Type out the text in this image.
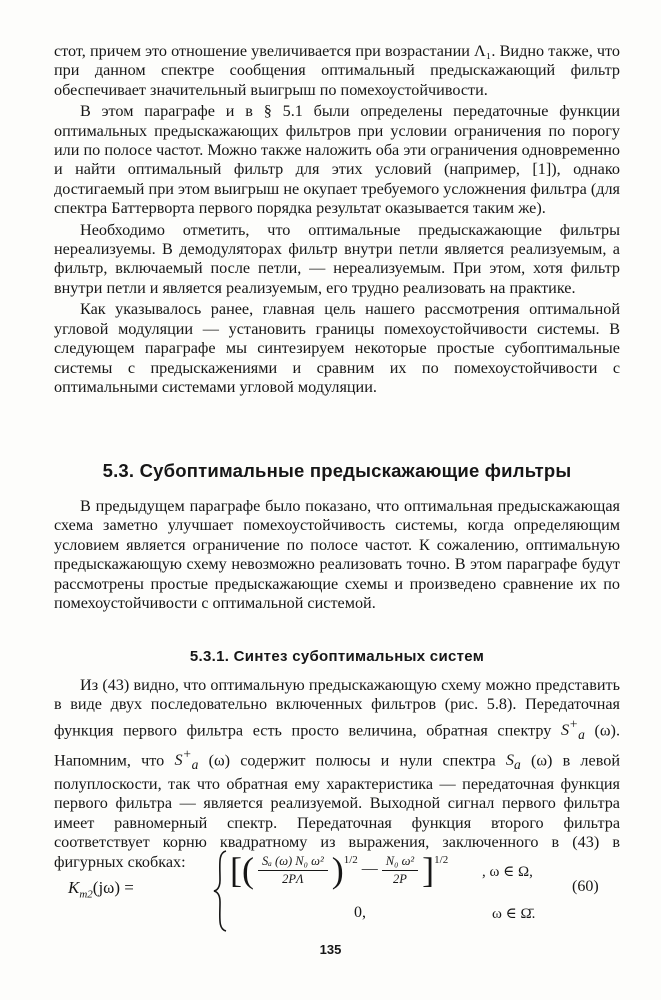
стот, причем это отношение увеличивается при возрастании Λ₁. Видно также, что при данном спектре сообщения оптимальный предыскажающий фильтр обеспечивает значительный выигрыш по помехоустойчивости.

В этом параграфе и в § 5.1 были определены передаточные функции оптимальных предыскажающих фильтров при условии ограничения по порогу или по полосе частот. Можно также наложить оба эти ограничения одновременно и найти оптимальный фильтр для этих условий (например, [1]), однако достигаемый при этом выигрыш не окупает требуемого усложнения фильтра (для спектра Баттерворта первого порядка результат оказывается таким же).

Необходимо отметить, что оптимальные предыскажающие фильтры нереализуемы. В демодуляторах фильтр внутри петли является реализуемым, а фильтр, включаемый после петли, — нереализуемым. При этом, хотя фильтр внутри петли и является реализуемым, его трудно реализовать на практике.

Как указывалось ранее, главная цель нашего рассмотрения оптимальной угловой модуляции — установить границы помехоустойчивости системы. В следующем параграфе мы синтезируем некоторые простые субоптимальные системы с предыскажениями и сравним их по помехоустойчивости с оптимальными системами угловой модуляции.

5.3. Субоптимальные предыскажающие фильтры

В предыдущем параграфе было показано, что оптимальная предыскажающая схема заметно улучшает помехоустойчивость системы, когда определяющим условием является ограничение по полосе частот. К сожалению, оптимальную предыскажающую схему невозможно реализовать точно. В этом параграфе будут рассмотрены простые предыскажающие схемы и произведено сравнение их по помехоустойчивости с оптимальной системой.

5.3.1. Синтез субоптимальных систем

Из (43) видно, что оптимальную предыскажающую схему можно представить в виде двух последовательно включенных фильтров (рис. 5.8). Передаточная функция первого фильтра есть просто величина, обратная спектру $S^+_a$ (ω). Напомним, что $S^+_a$ (ω) содержит полюсы и нули спектра $S_a$ (ω) в левой полуплоскости, так что обратная ему характеристика — передаточная функция первого фильтра — является реализуемой. Выходной сигнал первого фильтра имеет равномерный спектр. Передаточная функция второго фильтра соответствует корню квадратному из выражения, заключенного в (43) в фигурных скобках:

$K_{m2}(j\omega)$ =	[( $\frac{\text{Sₐ (ω) N₀ ω²}}{2P\Lambda} )^{1/2}$ — $\frac{\text{N₀ ω²}}{2P} ]^{1/2}$
, ω ∈ Ω,
0,	ω ∈ Ω̄.
(60)
135
